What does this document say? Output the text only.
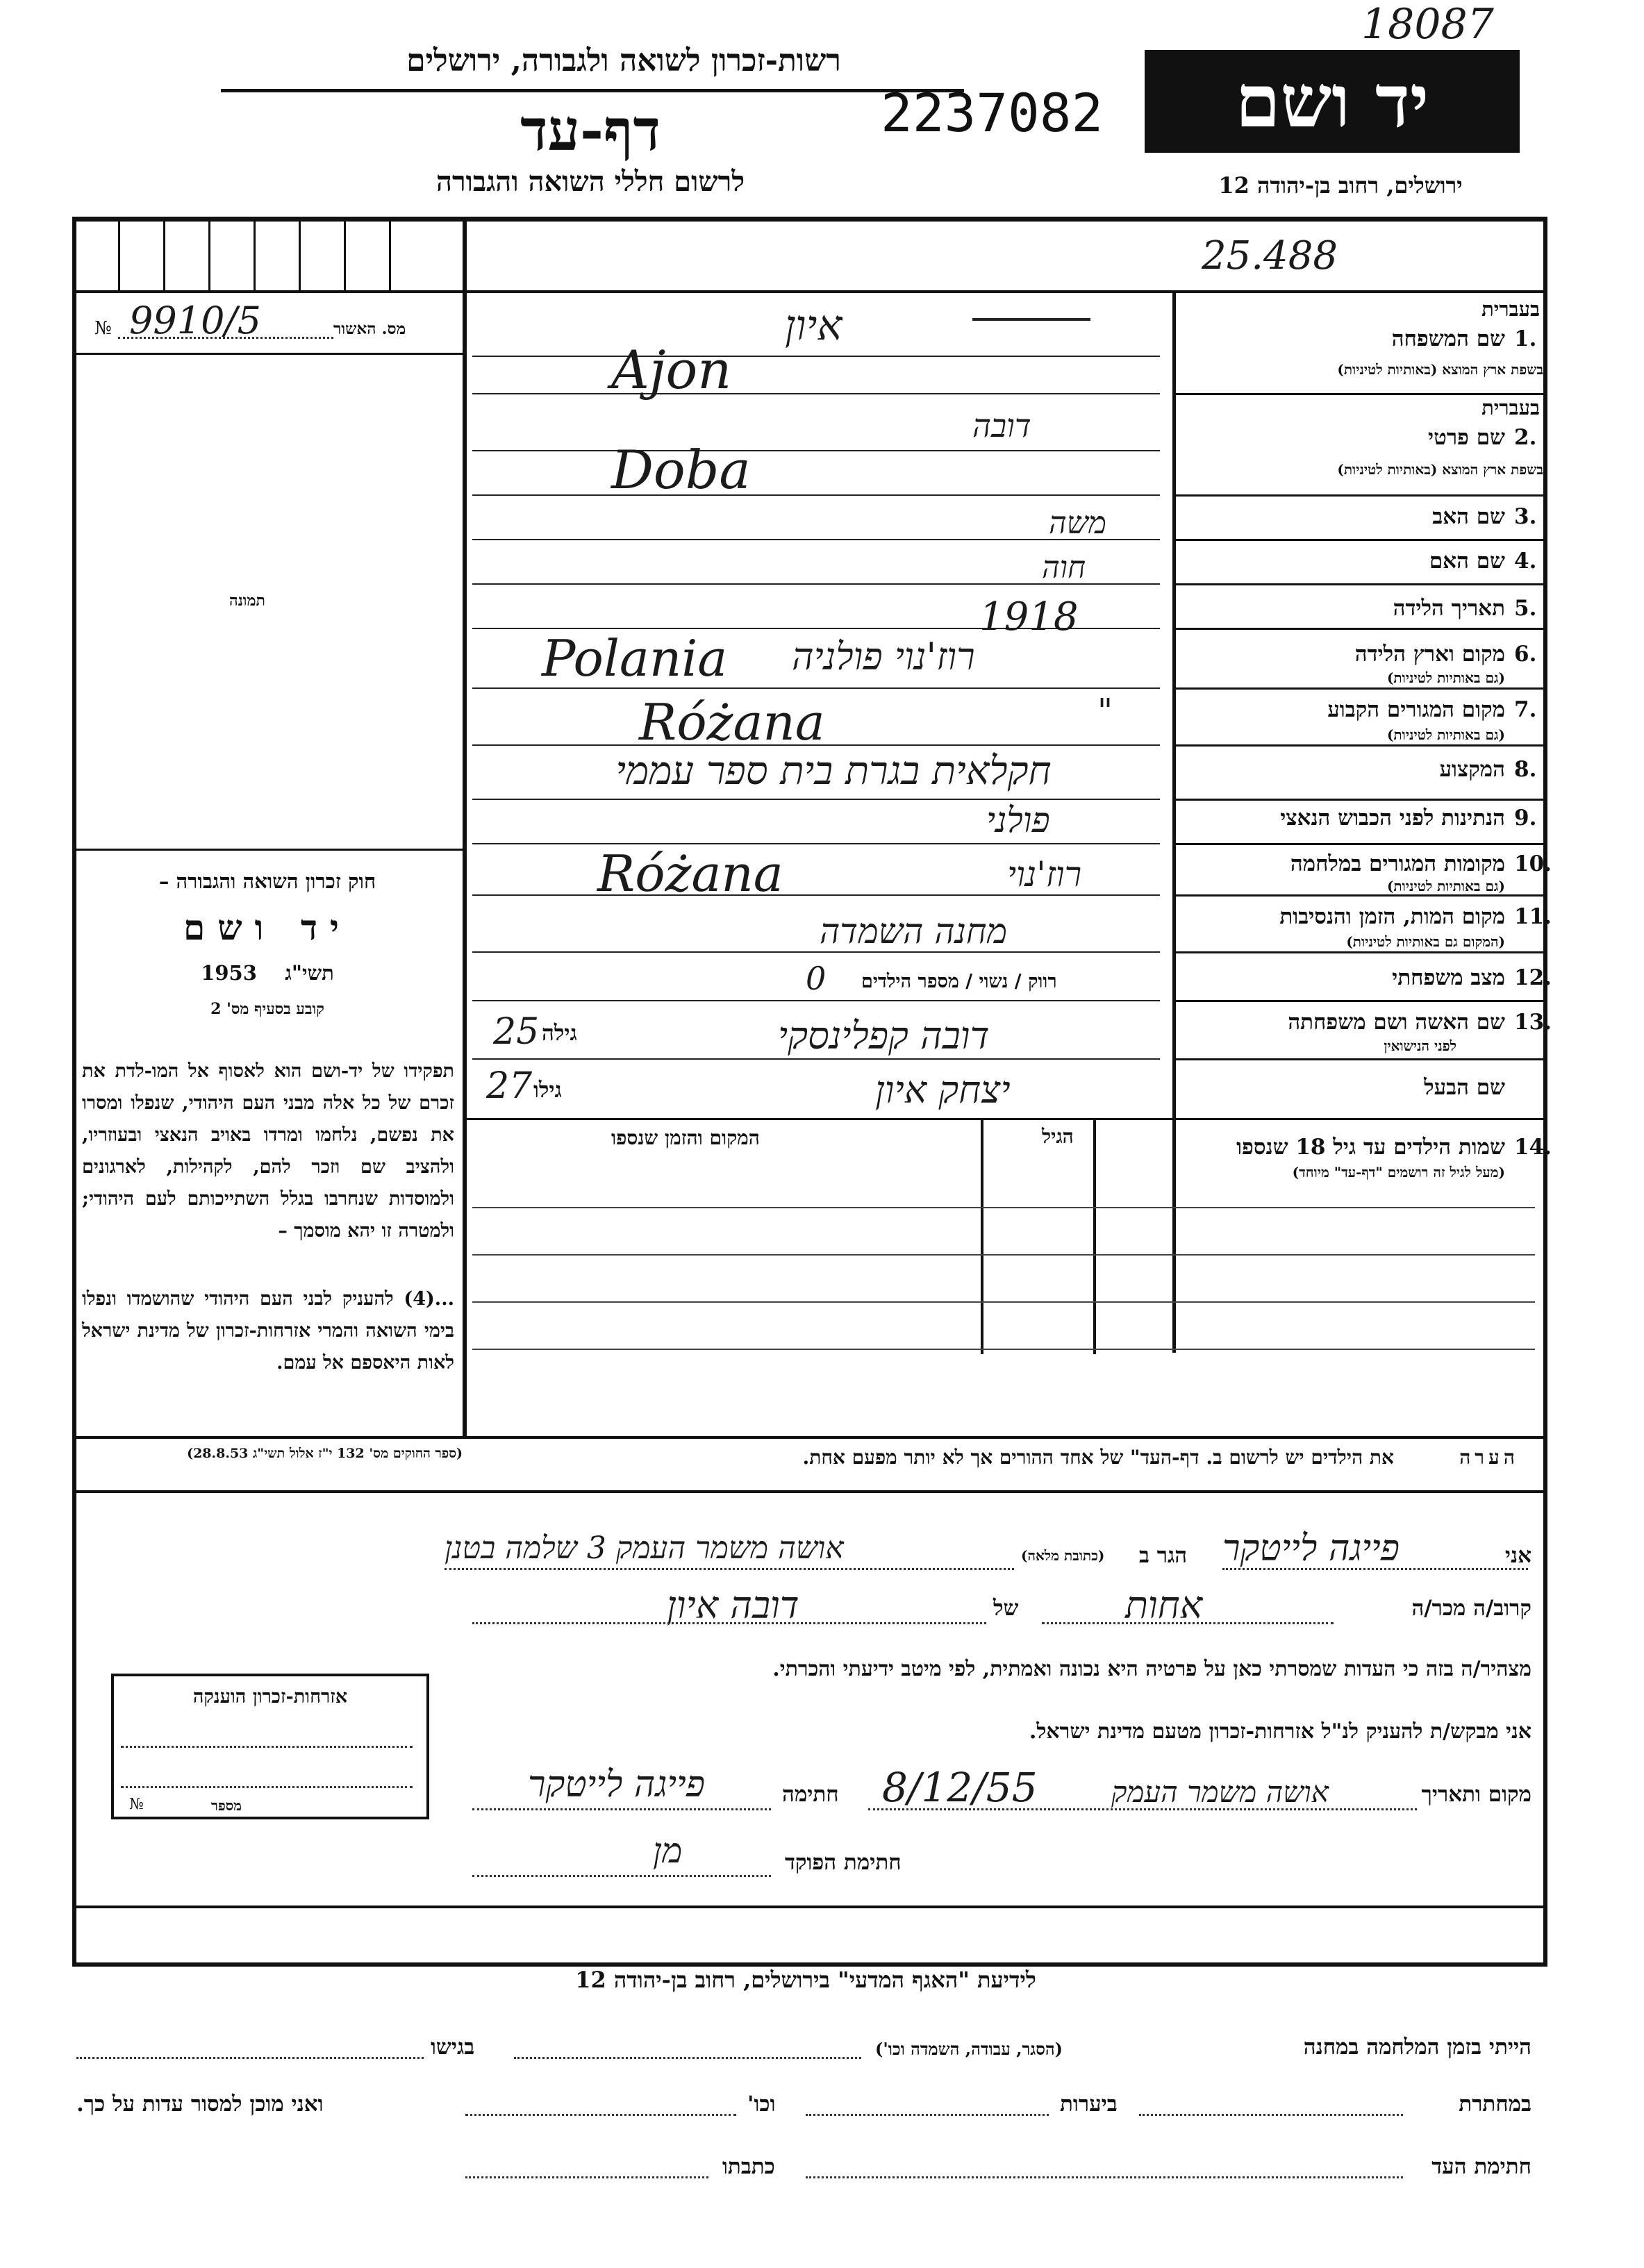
18087
רשות-זכרון לשואה ולגבורה, ירושלים
דף-עד	2237082
לרשום חללי השואה והגבורה
יד ושם
ירושלים, רחוב בן-יהודה 12
25.488
מס. האשור
9910/5
№
תמונה
חוק זכרון השואה והגבורה –
יד ושם
תשי"ג    1953
קובע בסעיף מס' 2
תפקידו של יד-ושם הוא לאסוף אל המו-לדת את זכרם של כל אלה מבני העם היהודי, שנפלו ומסרו את נפשם, נלחמו ומרדו באויב הנאצי ובעוזריו, ולהציב שם וזכר להם, לקהילות, לארגונים ולמוסדות שנחרבו בגלל השתייכותם לעם היהודי; ולמטרה זו יהא מוסמך –
...(4) להעניק לבני העם היהודי שהושמדו ונפלו בימי השואה והמרי אזרחות-זכרון של מדינת ישראל לאות היאספם אל עמם.
(ספר החוקים מס' 132 י"ז אלול תשי"ג 28.8.53)
1.
שם המשפחה
בעברית
בשפת ארץ המוצא (באותיות לטיניות)
איון
Ajon
2.
שם פרטי
בעברית
בשפת ארץ המוצא (באותיות לטיניות)
דובה
Doba
3.
שם האב
משה
4.
שם האם
חוה
5.
תאריך הלידה
1918
6.
מקום וארץ הלידה
(גם באותיות לטיניות)
רוז'נוי פולניה
Polania
7.
מקום המגורים הקבוע
(גם באותיות לטיניות)
"
Różana
8.
המקצוע
חקלאית בגרת בית ספר עממי
9.
הנתינות לפני הכבוש הנאצי
פולני
10.
מקומות המגורים במלחמה
(גם באותיות לטיניות)
רוז'נוי
Różana
11.
מקום המות, הזמן והנסיבות
(המקום גם באותיות לטיניות)
מחנה השמדה
12.
מצב משפחתי
רווק / נשוי / מספר הילדים
0
13.
שם האשה ושם משפחתה
לפני הנישואין
דובה קפלינסקי
גילה
25
שם הבעל
יצחק איון
גילו
27
14.
שמות הילדים עד גיל 18 שנספו
(מעל לגיל זה רושמים "דף-עד" מיוחד)
הגיל
המקום והזמן שנספו
הערה
את הילדים יש לרשום ב. דף-העד" של אחד ההורים אך לא יותר מפעם אחת.
אני
פייגה לייטקר
הגר ב
(כתובת מלאה)
אושה משמר העמק 3 שלמה בטנן
קרוב/ה מכר/ה
אחות
של
דובה איון
מצהיר/ה בזה כי העדות שמסרתי כאן על פרטיה היא נכונה ואמתית, לפי מיטב ידיעתי והכרתי.
אני מבקש/ת להעניק לנ"ל אזרחות-זכרון מטעם מדינת ישראל.
מקום ותאריך
אושה משמר העמק
8/12/55
חתימה
פייגה לייטקר
חתימת הפוקד
מן
אזרחות-זכרון הוענקה
מספר
№
לידיעת "האגף המדעי" בירושלים, רחוב בן-יהודה 12
הייתי בזמן המלחמה במחנה
(הסגר, עבודה, השמדה וכו')
בגישו
במחתרת
ביערות
וכו'
ואני מוכן למסור עדות על כך.
חתימת העד
כתבתו
